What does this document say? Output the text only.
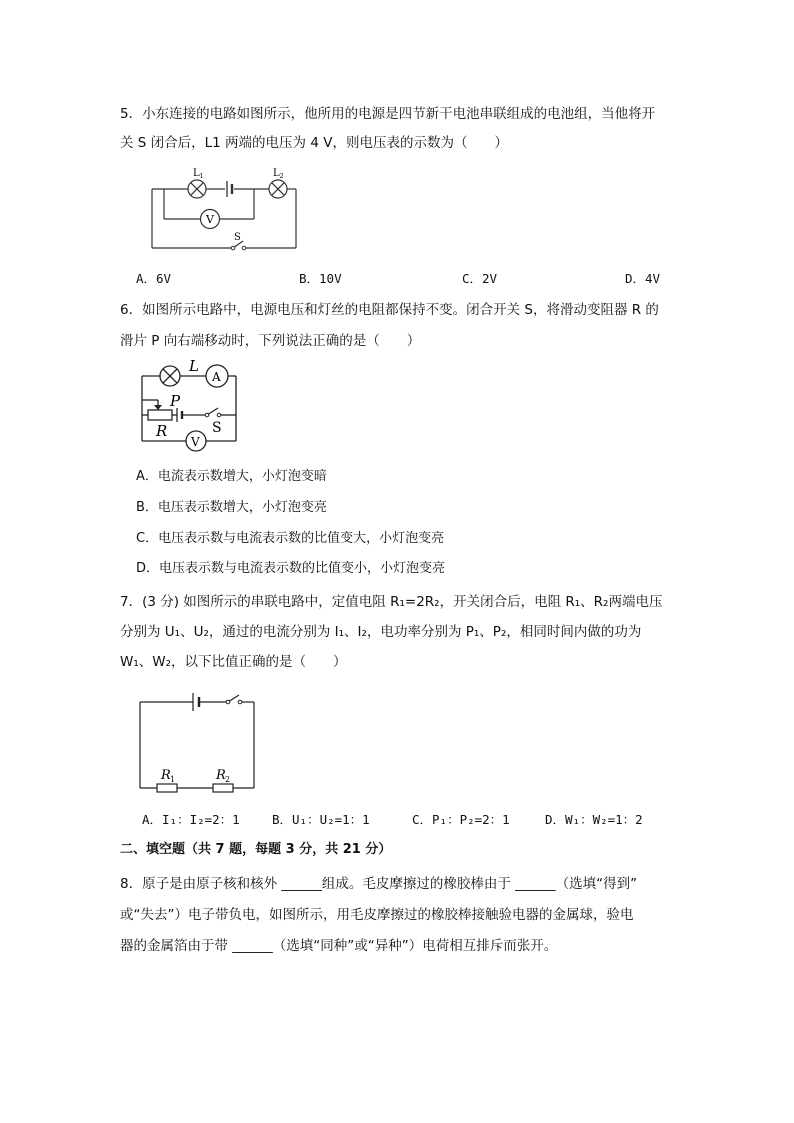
5．小东连接的电路如图所示，他所用的电源是四节新干电池串联组成的电池组，当他将开
关 S 闭合后，L1 两端的电压为 4 V，则电压表的示数为（　　）
L 1	L 2
V
S
A．6V	B．10V	C．2V	D．4V
6．如图所示电路中，电源电压和灯丝的电阻都保持不变。闭合开关 S，将滑动变阻器 R 的
滑片 P 向右端移动时，下列说法正确的是（　　）
L
A
P
R	S
V
A．电流表示数增大，小灯泡变暗
B．电压表示数增大，小灯泡变亮
C．电压表示数与电流表示数的比值变大，小灯泡变亮
D．电压表示数与电流表示数的比值变小，小灯泡变亮
7．(3 分) 如图所示的串联电路中，定值电阻 R₁=2R₂，开关闭合后，电阻 R₁、R₂两端电压
分别为 U₁、U₂，通过的电流分别为 I₁、I₂，电功率分别为 P₁、P₂，相同时间内做的功为
W₁、W₂，以下比值正确的是（　　）
R 1	R 2
A．I₁：I₂=2：1	B．U₁：U₂=1：1	C．P₁：P₂=2：1	D．W₁：W₂=1：2
二、填空题（共 7 题，每题 3 分，共 21 分）
8．原子是由原子核和核外 ______组成。毛皮摩擦过的橡胶棒由于 ______（选填“得到”
或“失去”）电子带负电，如图所示，用毛皮摩擦过的橡胶棒接触验电器的金属球，验电
器的金属箔由于带 ______（选填“同种”或“异种”）电荷相互排斥而张开。
